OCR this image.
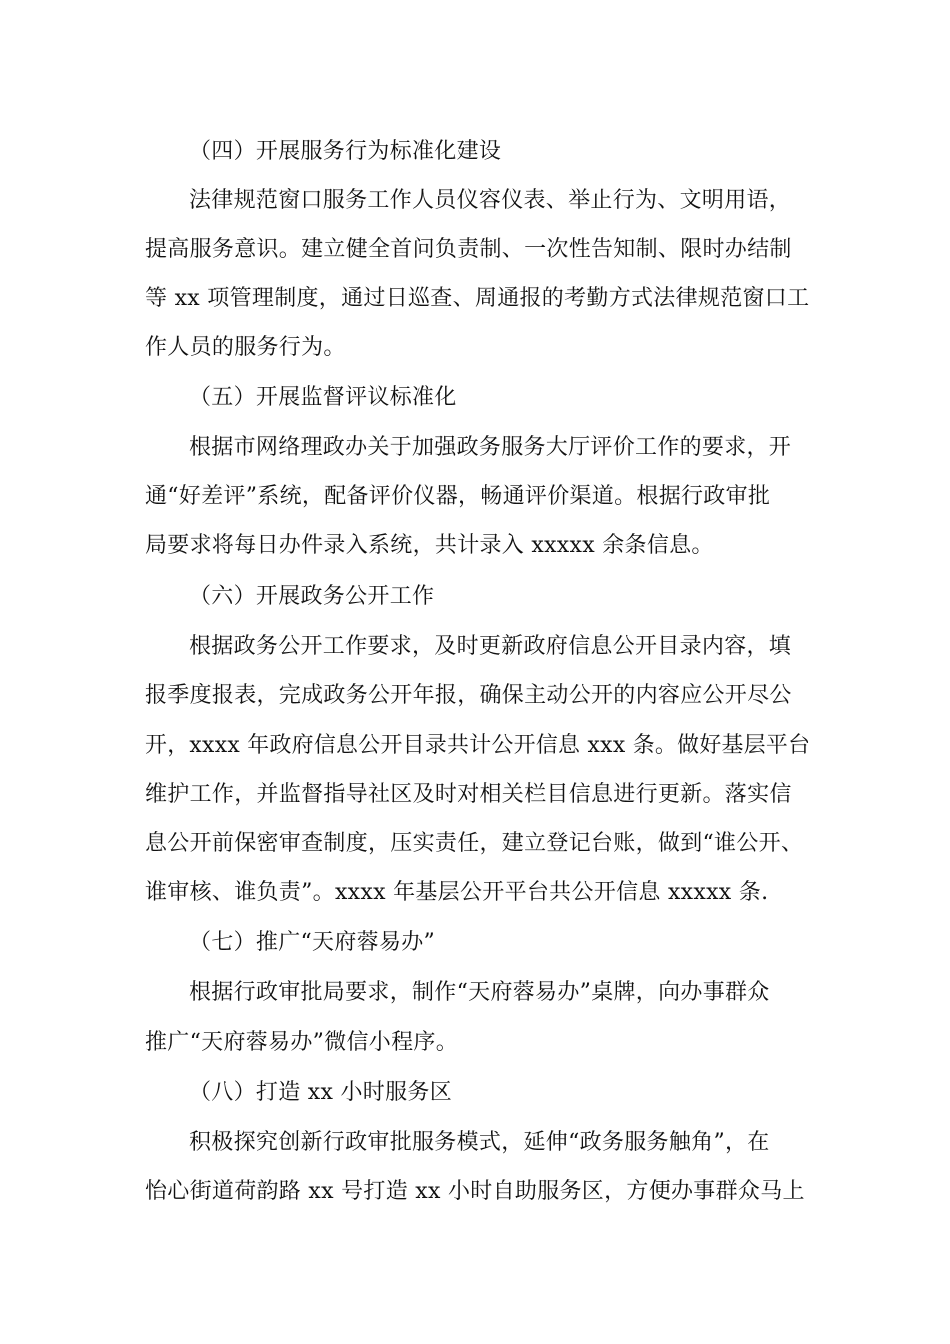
（四）开展服务行为标准化建设
法律规范窗口服务工作人员仪容仪表、举止行为、文明用语，
提高服务意识。建立健全首问负责制、一次性告知制、限时办结制
等 xx 项管理制度，通过日巡查、周通报的考勤方式法律规范窗口工
作人员的服务行为。
（五）开展监督评议标准化
根据市网络理政办关于加强政务服务大厅评价工作的要求，开
通“好差评”系统，配备评价仪器，畅通评价渠道。根据行政审批
局要求将每日办件录入系统，共计录入 xxxxx 余条信息。
（六）开展政务公开工作
根据政务公开工作要求，及时更新政府信息公开目录内容，填
报季度报表，完成政务公开年报，确保主动公开的内容应公开尽公
开，xxxx 年政府信息公开目录共计公开信息 xxx 条。做好基层平台
维护工作，并监督指导社区及时对相关栏目信息进行更新。落实信
息公开前保密审查制度，压实责任，建立登记台账，做到“谁公开、
谁审核、谁负责”。xxxx 年基层公开平台共公开信息 xxxxx 条.
（七）推广“天府蓉易办”
根据行政审批局要求，制作“天府蓉易办”桌牌，向办事群众
推广“天府蓉易办”微信小程序。
（八）打造 xx 小时服务区
积极探究创新行政审批服务模式，延伸“政务服务触角”，在
怡心街道荷韵路 xx 号打造 xx 小时自助服务区，方便办事群众马上
